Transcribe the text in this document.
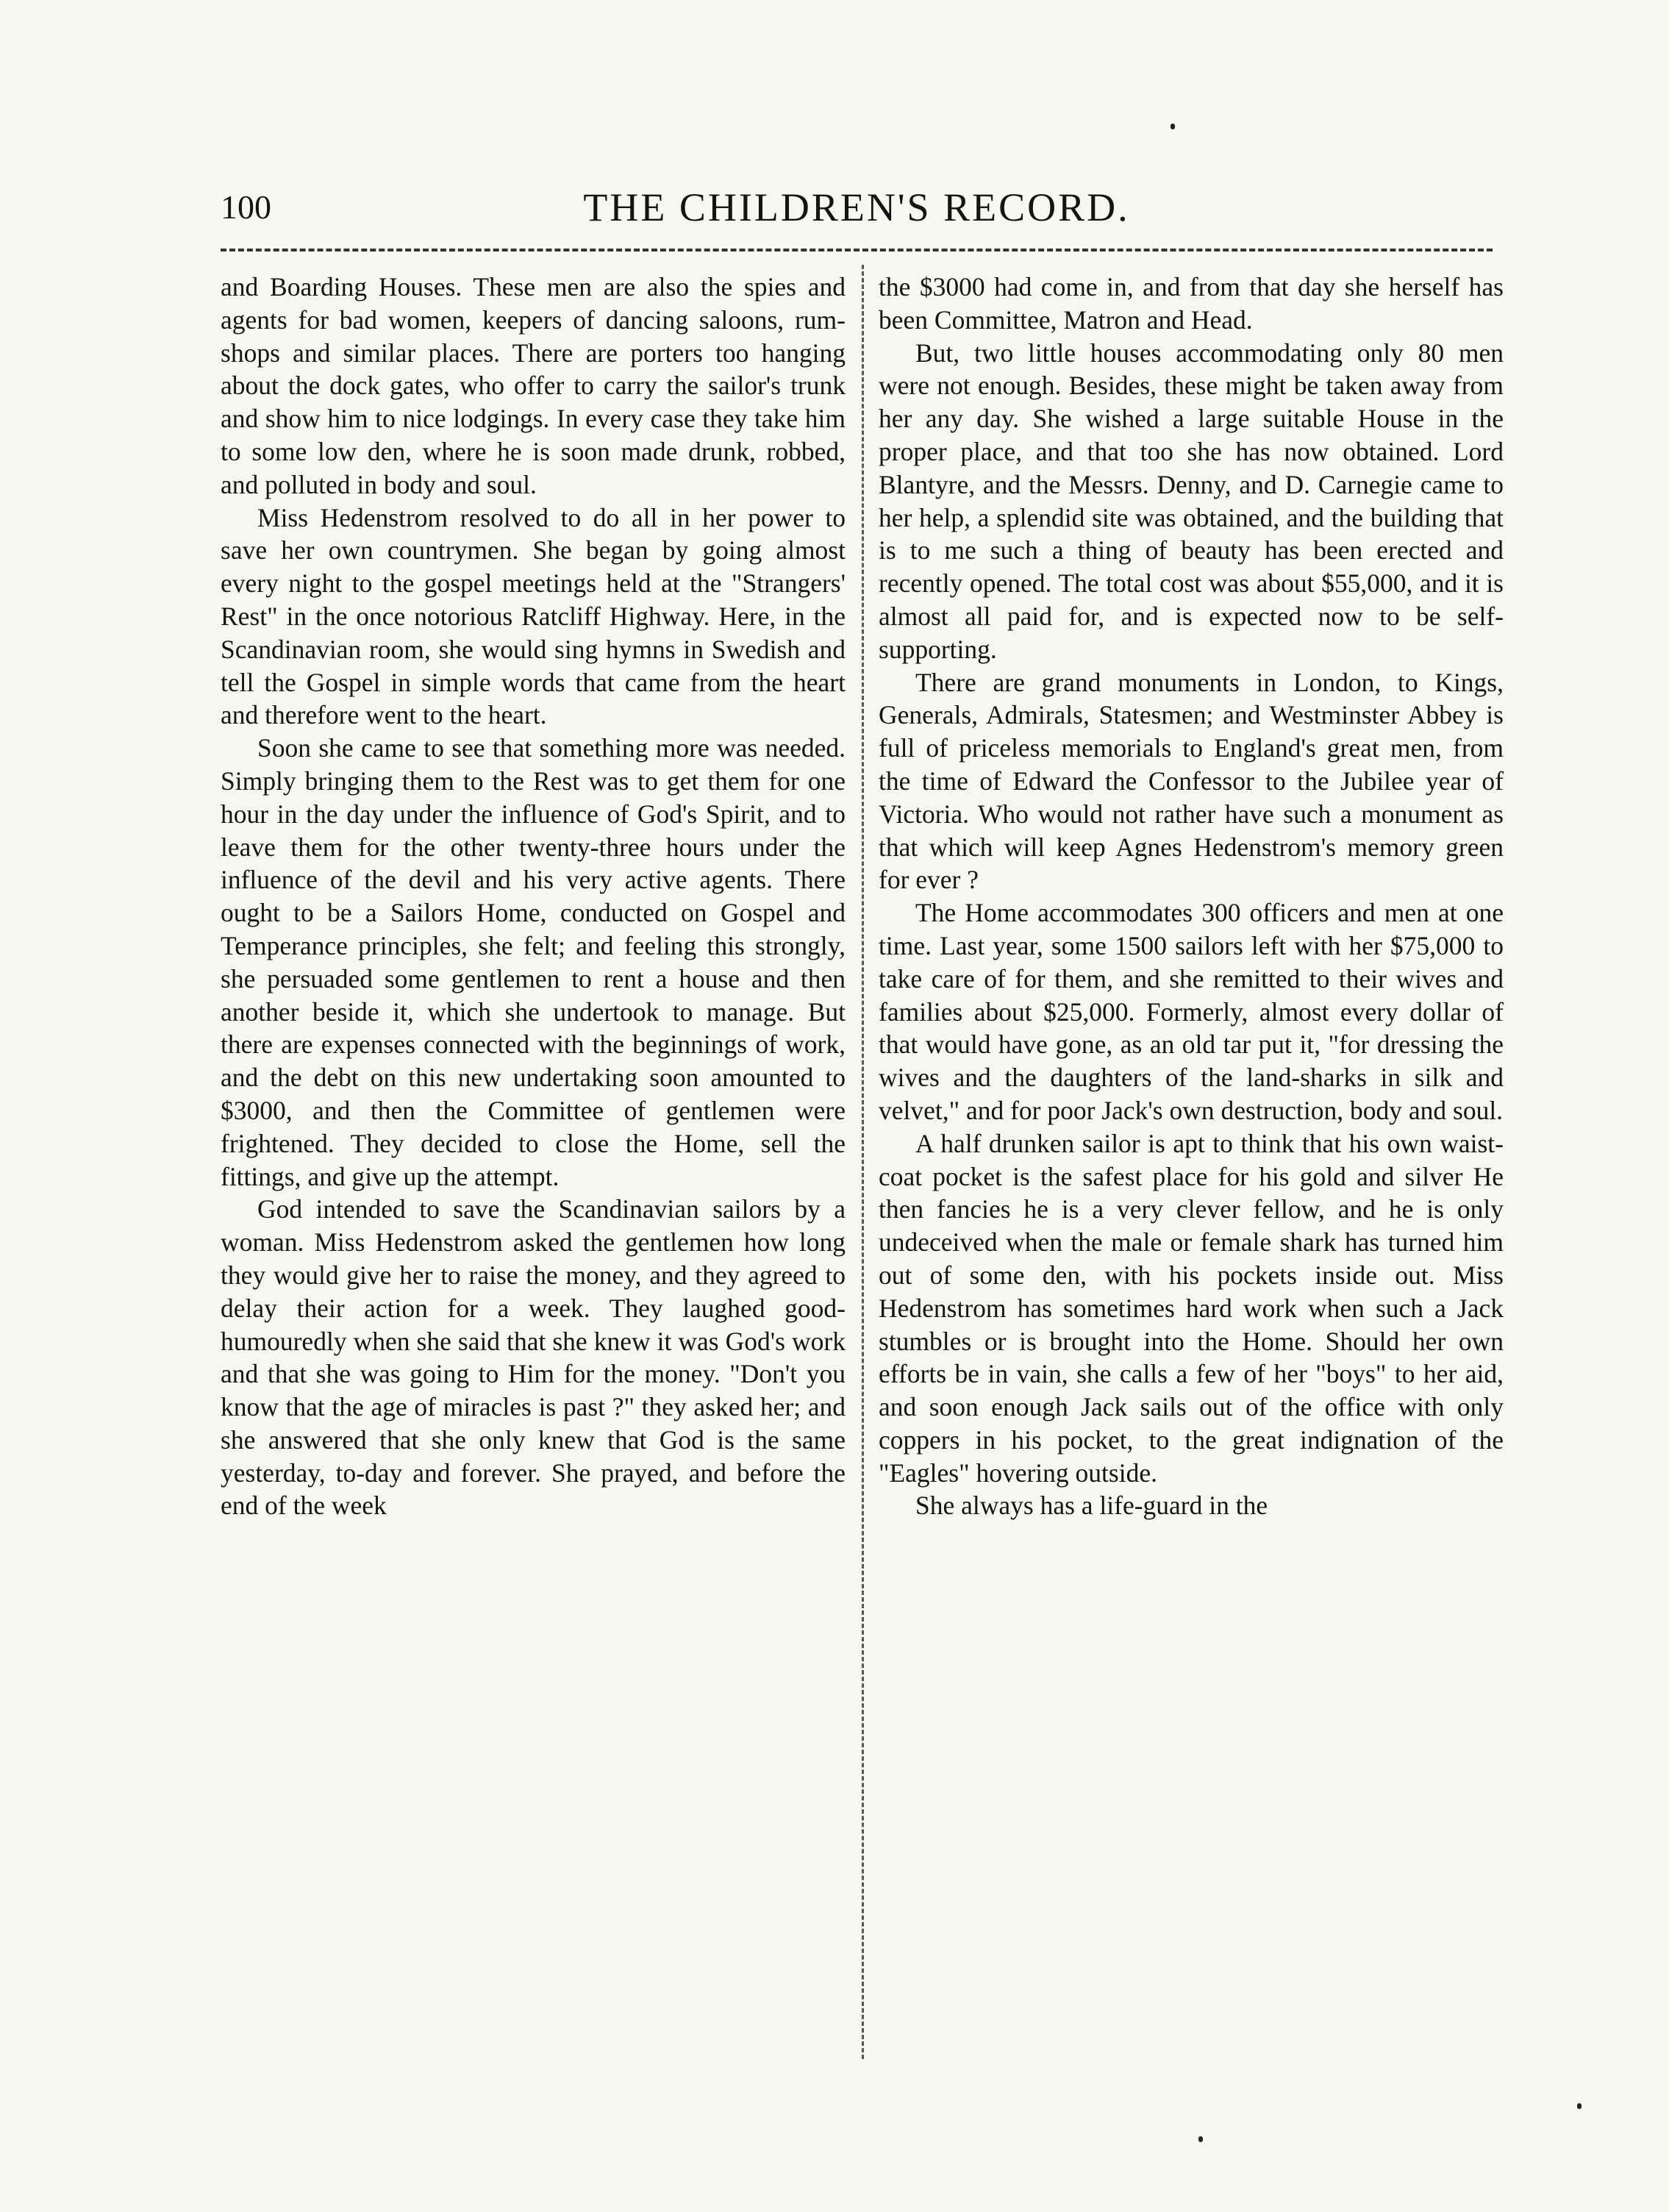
100	THE CHILDREN'S RECORD.

and Boarding Houses. These men are also the spies and agents for bad women, keepers of dancing saloons, rum-shops and similar places. There are porters too hanging about the dock gates, who offer to carry the sailor's trunk and show him to nice lodgings. In every case they take him to some low den, where he is soon made drunk, robbed, and polluted in body and soul.

Miss Hedenstrom resolved to do all in her power to save her own countrymen. She began by going almost every night to the gospel meetings held at the "Strangers' Rest" in the once notorious Ratcliff Highway. Here, in the Scandinavian room, she would sing hymns in Swedish and tell the Gospel in simple words that came from the heart and therefore went to the heart.

Soon she came to see that something more was needed. Simply bringing them to the Rest was to get them for one hour in the day under the influence of God's Spirit, and to leave them for the other twenty-three hours under the influence of the devil and his very active agents. There ought to be a Sailors Home, conducted on Gospel and Temperance principles, she felt; and feeling this strongly, she persuaded some gentlemen to rent a house and then another beside it, which she undertook to manage. But there are expenses connected with the beginnings of work, and the debt on this new undertaking soon amounted to $3000, and then the Committee of gentlemen were frightened. They decided to close the Home, sell the fittings, and give up the attempt.

God intended to save the Scandinavian sailors by a woman. Miss Hedenstrom asked the gentlemen how long they would give her to raise the money, and they agreed to delay their action for a week. They laughed good-humouredly when she said that she knew it was God's work and that she was going to Him for the money. "Don't you know that the age of miracles is past ?" they asked her; and she answered that she only knew that God is the same yesterday, to-day and forever. She prayed, and before the end of the week

the $3000 had come in, and from that day she herself has been Committee, Matron and Head.

But, two little houses accommodating only 80 men were not enough. Besides, these might be taken away from her any day. She wished a large suitable House in the proper place, and that too she has now obtained. Lord Blantyre, and the Messrs. Denny, and D. Carnegie came to her help, a splendid site was obtained, and the building that is to me such a thing of beauty has been erected and recently opened. The total cost was about $55,000, and it is almost all paid for, and is expected now to be self-supporting.

There are grand monuments in London, to Kings, Generals, Admirals, Statesmen; and Westminster Abbey is full of priceless memorials to England's great men, from the time of Edward the Confessor to the Jubilee year of Victoria. Who would not rather have such a monument as that which will keep Agnes Hedenstrom's memory green for ever ?

The Home accommodates 300 officers and men at one time. Last year, some 1500 sailors left with her $75,000 to take care of for them, and she remitted to their wives and families about $25,000. Formerly, almost every dollar of that would have gone, as an old tar put it, "for dressing the wives and the daughters of the land-sharks in silk and velvet," and for poor Jack's own destruction, body and soul.

A half drunken sailor is apt to think that his own waist-coat pocket is the safest place for his gold and silver He then fancies he is a very clever fellow, and he is only undeceived when the male or female shark has turned him out of some den, with his pockets inside out. Miss Hedenstrom has sometimes hard work when such a Jack stumbles or is brought into the Home. Should her own efforts be in vain, she calls a few of her "boys" to her aid, and soon enough Jack sails out of the office with only coppers in his pocket, to the great indignation of the "Eagles" hovering outside.

She always has a life-guard in the
